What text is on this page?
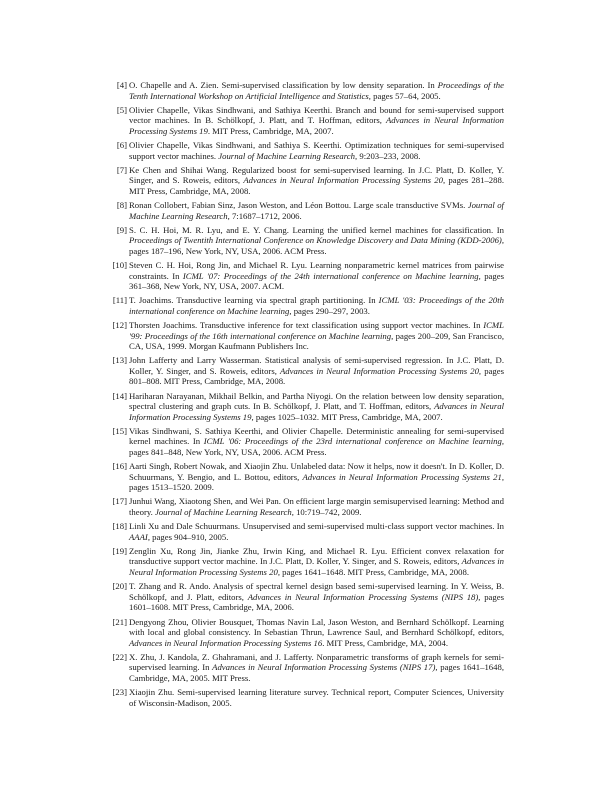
[4] O. Chapelle and A. Zien. Semi-supervised classification by low density separation. In Proceedings of the Tenth International Workshop on Artificial Intelligence and Statistics, pages 57–64, 2005.
[5] Olivier Chapelle, Vikas Sindhwani, and Sathiya Keerthi. Branch and bound for semi-supervised support vector machines. In B. Schölkopf, J. Platt, and T. Hoffman, editors, Advances in Neural Information Processing Systems 19. MIT Press, Cambridge, MA, 2007.
[6] Olivier Chapelle, Vikas Sindhwani, and Sathiya S. Keerthi. Optimization techniques for semi-supervised support vector machines. Journal of Machine Learning Research, 9:203–233, 2008.
[7] Ke Chen and Shihai Wang. Regularized boost for semi-supervised learning. In J.C. Platt, D. Koller, Y. Singer, and S. Roweis, editors, Advances in Neural Information Processing Systems 20, pages 281–288. MIT Press, Cambridge, MA, 2008.
[8] Ronan Collobert, Fabian Sinz, Jason Weston, and Léon Bottou. Large scale transductive SVMs. Journal of Machine Learning Research, 7:1687–1712, 2006.
[9] S. C. H. Hoi, M. R. Lyu, and E. Y. Chang. Learning the unified kernel machines for classification. In Proceedings of Twentith International Conference on Knowledge Discovery and Data Mining (KDD-2006), pages 187–196, New York, NY, USA, 2006. ACM Press.
[10] Steven C. H. Hoi, Rong Jin, and Michael R. Lyu. Learning nonparametric kernel matrices from pairwise constraints. In ICML '07: Proceedings of the 24th international conference on Machine learning, pages 361–368, New York, NY, USA, 2007. ACM.
[11] T. Joachims. Transductive learning via spectral graph partitioning. In ICML '03: Proceedings of the 20th international conference on Machine learning, pages 290–297, 2003.
[12] Thorsten Joachims. Transductive inference for text classification using support vector machines. In ICML '99: Proceedings of the 16th international conference on Machine learning, pages 200–209, San Francisco, CA, USA, 1999. Morgan Kaufmann Publishers Inc.
[13] John Lafferty and Larry Wasserman. Statistical analysis of semi-supervised regression. In J.C. Platt, D. Koller, Y. Singer, and S. Roweis, editors, Advances in Neural Information Processing Systems 20, pages 801–808. MIT Press, Cambridge, MA, 2008.
[14] Hariharan Narayanan, Mikhail Belkin, and Partha Niyogi. On the relation between low density separation, spectral clustering and graph cuts. In B. Schölkopf, J. Platt, and T. Hoffman, editors, Advances in Neural Information Processing Systems 19, pages 1025–1032. MIT Press, Cambridge, MA, 2007.
[15] Vikas Sindhwani, S. Sathiya Keerthi, and Olivier Chapelle. Deterministic annealing for semi-supervised kernel machines. In ICML '06: Proceedings of the 23rd international conference on Machine learning, pages 841–848, New York, NY, USA, 2006. ACM Press.
[16] Aarti Singh, Robert Nowak, and Xiaojin Zhu. Unlabeled data: Now it helps, now it doesn't. In D. Koller, D. Schuurmans, Y. Bengio, and L. Bottou, editors, Advances in Neural Information Processing Systems 21, pages 1513–1520. 2009.
[17] Junhui Wang, Xiaotong Shen, and Wei Pan. On efficient large margin semisupervised learning: Method and theory. Journal of Machine Learning Research, 10:719–742, 2009.
[18] Linli Xu and Dale Schuurmans. Unsupervised and semi-supervised multi-class support vector machines. In AAAI, pages 904–910, 2005.
[19] Zenglin Xu, Rong Jin, Jianke Zhu, Irwin King, and Michael R. Lyu. Efficient convex relaxation for transductive support vector machine. In J.C. Platt, D. Koller, Y. Singer, and S. Roweis, editors, Advances in Neural Information Processing Systems 20, pages 1641–1648. MIT Press, Cambridge, MA, 2008.
[20] T. Zhang and R. Ando. Analysis of spectral kernel design based semi-supervised learning. In Y. Weiss, B. Schölkopf, and J. Platt, editors, Advances in Neural Information Processing Systems (NIPS 18), pages 1601–1608. MIT Press, Cambridge, MA, 2006.
[21] Dengyong Zhou, Olivier Bousquet, Thomas Navin Lal, Jason Weston, and Bernhard Schölkopf. Learning with local and global consistency. In Sebastian Thrun, Lawrence Saul, and Bernhard Schölkopf, editors, Advances in Neural Information Processing Systems 16. MIT Press, Cambridge, MA, 2004.
[22] X. Zhu, J. Kandola, Z. Ghahramani, and J. Lafferty. Nonparametric transforms of graph kernels for semi-supervised learning. In Advances in Neural Information Processing Systems (NIPS 17), pages 1641–1648, Cambridge, MA, 2005. MIT Press.
[23] Xiaojin Zhu. Semi-supervised learning literature survey. Technical report, Computer Sciences, University of Wisconsin-Madison, 2005.
